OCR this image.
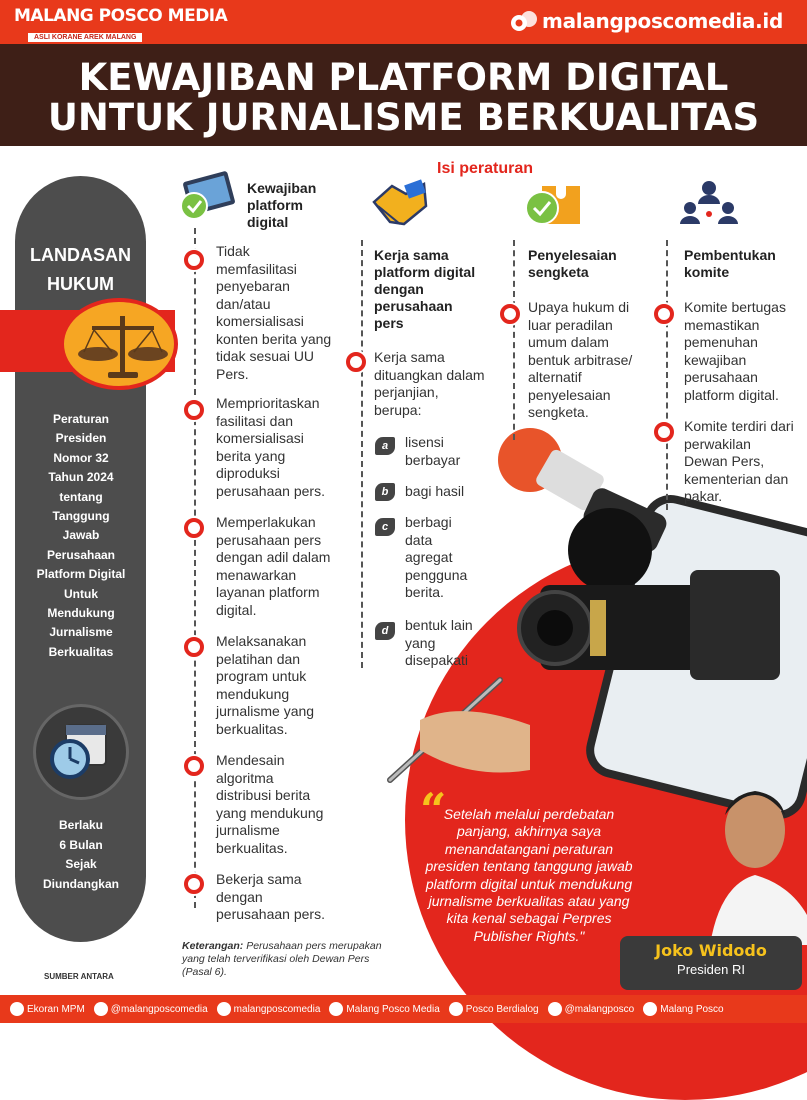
MALANG POSCO MEDIA
ASLI KORANE AREK MALANG
malangposcomedia.id
KEWAJIBAN PLATFORM DIGITAL
UNTUK JURNALISME BERKUALITAS
LANDASAN
HUKUM
Peraturan
Presiden
Nomor 32
Tahun 2024
tentang
Tanggung
Jawab
Perusahaan
Platform Digital
Untuk
Mendukung
Jurnalisme
Berkualitas
Berlaku
6 Bulan
Sejak
Diundangkan
Isi peraturan
Kewajiban
platform
digital
Tidak
memfasilitasi
penyebaran
dan/atau
komersialisasi
konten berita yang
tidak sesuai UU
Pers.
Memprioritaskan
fasilitasi dan
komersialisasi
berita yang
diproduksi
perusahaan pers.
Memperlakukan
perusahaan pers
dengan adil dalam
menawarkan
layanan platform
digital.
Melaksanakan
pelatihan dan
program untuk
mendukung
jurnalisme yang
berkualitas.
Mendesain
algoritma
distribusi berita
yang mendukung
jurnalisme
berkualitas.
Bekerja sama
dengan
perusahaan pers.
Kerja sama
platform digital
dengan
perusahaan
pers
Kerja sama
dituangkan dalam
perjanjian,
berupa:
a	lisensi
berbayar
b	bagi hasil
c	berbagi
data
agregat
pengguna
berita.
d	bentuk lain
yang
disepakati
Penyelesaian
sengketa
Upaya hukum di
luar peradilan
umum dalam
bentuk arbitrase/
alternatif
penyelesaian
sengketa.
Pembentukan
komite
Komite bertugas
memastikan
pemenuhan
kewajiban
perusahaan
platform digital.
Komite terdiri dari
perwakilan
Dewan Pers,
kementerian dan
pakar.
Keterangan: Perusahaan pers merupakan yang telah terverifikasi oleh Dewan Pers (Pasal 6).
SUMBER ANTARA
“
Setelah melalui perdebatan panjang, akhirnya saya menandatangani peraturan presiden tentang tanggung jawab platform digital untuk mendukung jurnalisme berkualitas atau yang kita kenal sebagai Perpres Publisher Rights."
Joko Widodo
Presiden RI
Ekoran MPM	@malangposcomedia	malangposcomedia	Malang Posco Media	Posco Berdialog	@malangposco	Malang Posco
